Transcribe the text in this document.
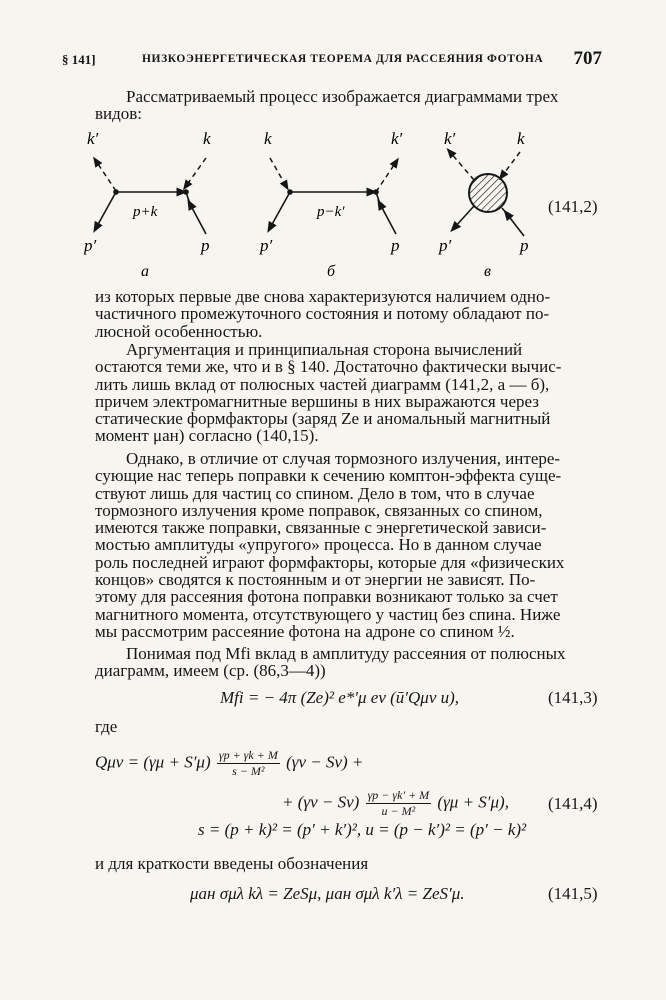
§ 141]	НИЗКОЭНЕРГЕТИЧЕСКАЯ ТЕОРЕМА ДЛЯ РАССЕЯНИЯ ФОТОНА 707
Рассматриваемый процесс изображается диаграммами трех
видов:
k′	k
p+k
p′	p
а
k	k′
p−k′
p′	p
б
k′	k
p′	p
в
(141,2)
из которых первые две снова характеризуются наличием одно-
частичного промежуточного состояния и потому обладают по-
люсной особенностью.
Аргументация и принципиальная сторона вычислений
остаются теми же, что и в § 140. Достаточно фактически вычис-
лить лишь вклад от полюсных частей диаграмм (141,2, а — б),
причем электромагнитные вершины в них выражаются через
статические формфакторы (заряд Ze и аномальный магнитный
момент μан) согласно (140,15).
Однако, в отличие от случая тормозного излучения, интере-
сующие нас теперь поправки к сечению комптон-эффекта суще-
ствуют лишь для частиц со спином. Дело в том, что в случае
тормозного излучения кроме поправок, связанных со спином,
имеются также поправки, связанные с энергетической зависи-
мостью амплитуды «упругого» процесса. Но в данном случае
роль последней играют формфакторы, которые для «физических
концов» сводятся к постоянным и от энергии не зависят. По-
этому для рассеяния фотона поправки возникают только за счет
магнитного момента, отсутствующего у частиц без спина. Ниже
мы рассмотрим рассеяние фотона на адроне со спином ½.
Понимая под Mfi вклад в амплитуду рассеяния от полюсных
диаграмм, имеем (ср. (86,3—4))
Mfi = − 4π (Ze)² e*′μ eν (ū′Qμν u),	(141,3)
где
$Q\mu\nu = (\gamma\mu + S'\mu) \frac{\gamma p + \gamma k + M}{\text{s − M²}} (\gamma\nu - S\nu)$ +
+ $(\gamma\nu - S\nu) \frac{\gamma p - \gamma k' + M}{\text{u − M²}} (\gamma\mu + S'\mu)$, (141,4)
s = (p + k)² = (p′ + k′)², u = (p − k′)² = (p′ − k)²
и для краткости введены обозначения
μан σμλ kλ = ZeSμ, μан σμλ k′λ = ZeS′μ.	(141,5)
